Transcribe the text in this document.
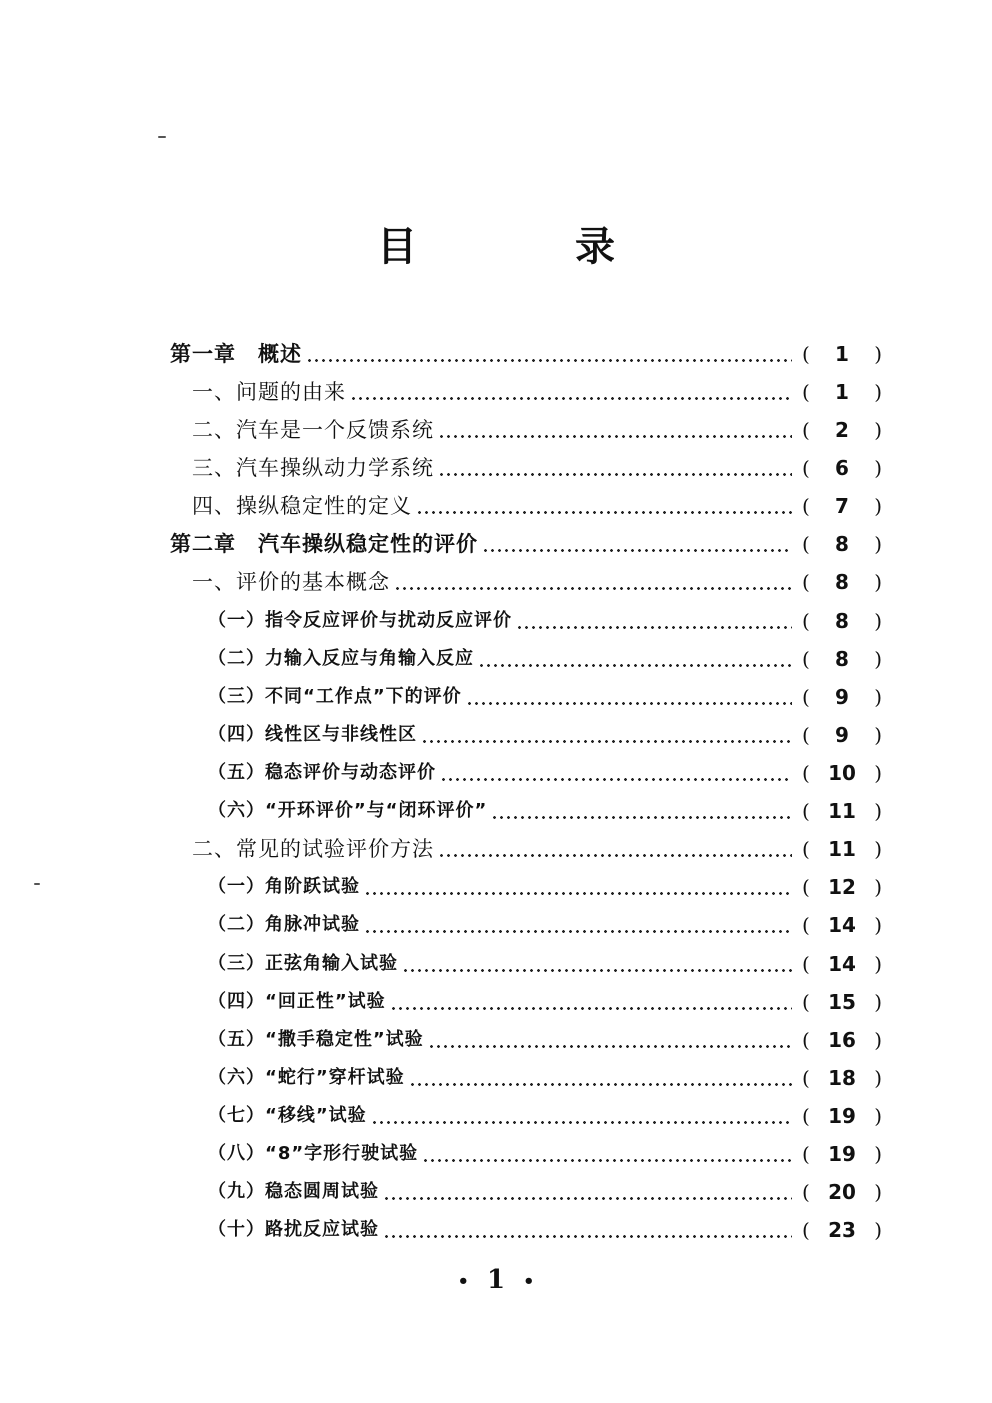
目 录
第一章　概述	(	1	)
一、问题的由来	(	1	)
二、汽车是一个反馈系统	(	2	)
三、汽车操纵动力学系统	(	6	)
四、操纵稳定性的定义	(	7	)
第二章　汽车操纵稳定性的评价	(	8	)
一、评价的基本概念	(	8	)
（一）指令反应评价与扰动反应评价	(	8	)
（二）力输入反应与角输入反应	(	8	)
（三）不同“工作点”下的评价	(	9	)
（四）线性区与非线性区	(	9	)
（五）稳态评价与动态评价	( 10 )
（六）“开环评价”与“闭环评价”	( 11 )
二、常见的试验评价方法	( 11 )
（一）角阶跃试验	( 12 )
（二）角脉冲试验	( 14 )
（三）正弦角输入试验	( 14 )
（四）“回正性”试验	( 15 )
（五）“撒手稳定性”试验	( 16 )
（六）“蛇行”穿杆试验	( 18 )
（七）“移线”试验	( 19 )
（八）“8”字形行驶试验	( 19 )
（九）稳态圆周试验	( 20 )
（十）路扰反应试验	( 23 )
• 1 •
